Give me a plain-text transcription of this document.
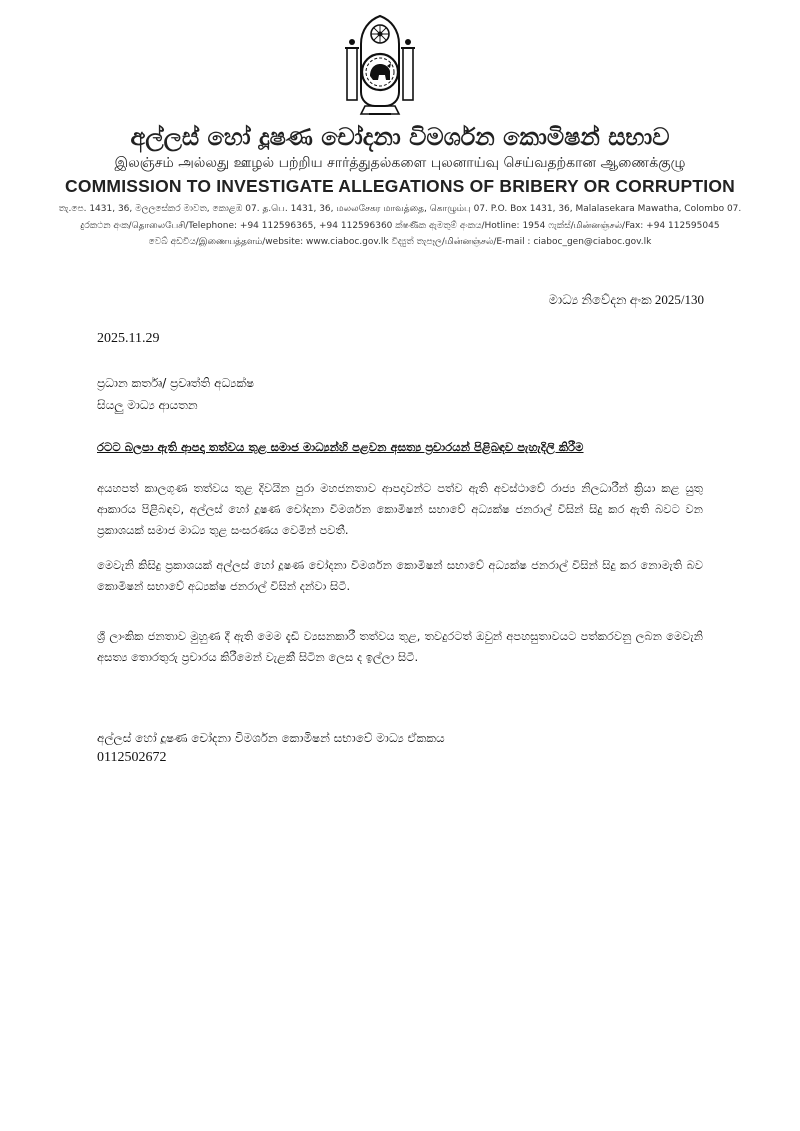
අල්ලස් හෝ දූෂණ චෝදනා විමර්ශන කොමිෂන් සභාව
இலஞ்சம் அல்லது ஊழல் பற்றிய சார்த்துதல்களை புலனாய்வு செய்வதற்கான ஆணைக்குழு
COMMISSION TO INVESTIGATE ALLEGATIONS OF BRIBERY OR CORRUPTION
තැ.පෙ. 1431, 36, මලලසේකර මාවත, කොළඹ 07. த.பெ. 1431, 36, மலலசேகர மாவத்தை, கொழும்பு 07. P.O. Box 1431, 36, Malalasekara Mawatha, Colombo 07.
දුරකථන අංක/தொலைபேசி/Telephone: +94 112596365, +94 112596360 ක්ෂණික ඇමතුම් අංකය/Hotline: 1954 ෆැක්ස්/மின்னஞ்சல்/Fax: +94 112595045
වෙබ් අඩවිය/இணையத்தளம்/website: www.ciaboc.gov.lk විද්‍යුත් තැපෑල/மின்னஞ்சல்/E-mail : ciaboc_gen@ciaboc.gov.lk
මාධ්‍ය නිවේදන අංක 2025/130
2025.11.29
ප්‍රධාන කර්තෘ/ ප්‍රවෘත්ති අධ්‍යක්ෂ
සියලු මාධ්‍ය ආයතන
රටට බලපා ඇති ආපදා තත්වය තුළ සමාජ මාධ්‍යන්හි පළවන අසත්‍ය ප්‍රචාරයන් පිළිබඳව පැහැදිලි කිරීම

අයහපත් කාලගුණ තත්වය තුළ දිවයින පුරා මහජනතාව ආපදාවන්ට පත්ව ඇති අවස්ථාවේ රාජ්‍ය නිලධාරීන් ක්‍රියා කළ යුතු ආකාරය පිළිබඳව, අල්ලස් හෝ දූෂණ චෝදනා විමර්ශන කොමිෂන් සභාවේ අධ්‍යක්ෂ ජනරාල් විසින් සිදු කර ඇති බවට වන ප්‍රකාශයක් සමාජ මාධ්‍ය තුළ සංසරණය වෙමින් පවතී.

මෙවැනි කිසිදු ප්‍රකාශයක් අල්ලස් හෝ දූෂණ චෝදනා විමර්ශන කොමිෂන් සභාවේ අධ්‍යක්ෂ ජනරාල් විසින් සිදු කර නොමැති බව කොමිෂන් සභාවේ අධ්‍යක්ෂ ජනරාල් විසින් දන්වා සිටී.

ශ්‍රී ලාංකික ජනතාව මුහුණ දී ඇති මෙම දැඩි ව්‍යසනකාරී තත්වය තුළ, තවදුරටත් ඔවුන් අපහසුතාවයට පත්කරවනු ලබන මෙවැනි අසත්‍ය තොරතුරු ප්‍රචාරය කිරීමෙන් වැළකී සිටින ලෙස ද ඉල්ලා සිටී.

අල්ලස් හෝ දූෂණ චෝදනා විමර්ශන කොමිෂන් සභාවේ මාධ්‍ය ඒකකය
0112502672
